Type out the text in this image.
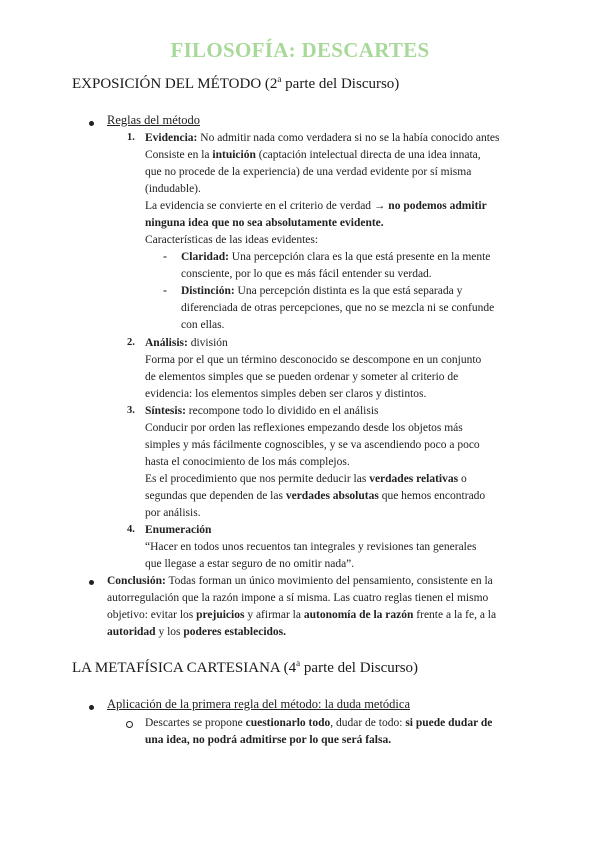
FILOSOFÍA: DESCARTES
EXPOSICIÓN DEL MÉTODO (2$^a$ parte del Discurso)
Reglas del método
1. Evidencia: No admitir nada como verdadera si no se la había conocido antes
Consiste en la intuición (captación intelectual directa de una idea innata,
que no procede de la experiencia) de una verdad evidente por sí misma
(indudable).
La evidencia se convierte en el criterio de verdad → no podemos admitir
ninguna idea que no sea absolutamente evidente.
Características de las ideas evidentes:
- Claridad: Una percepción clara es la que está presente en la mente
consciente, por lo que es más fácil entender su verdad.
- Distinción: Una percepción distinta es la que está separada y
diferenciada de otras percepciones, que no se mezcla ni se confunde
con ellas.
2. Análisis: división
Forma por el que un término desconocido se descompone en un conjunto
de elementos simples que se pueden ordenar y someter al criterio de
evidencia: los elementos simples deben ser claros y distintos.
3. Síntesis: recompone todo lo dividido en el análisis
Conducir por orden las reflexiones empezando desde los objetos más
simples y más fácilmente cognoscibles, y se va ascendiendo poco a poco
hasta el conocimiento de los más complejos.
Es el procedimiento que nos permite deducir las verdades relativas o
segundas que dependen de las verdades absolutas que hemos encontrado
por análisis.
4. Enumeración
“Hacer en todos unos recuentos tan integrales y revisiones tan generales
que llegase a estar seguro de no omitir nada”.
Conclusión: Todas forman un único movimiento del pensamiento, consistente en la
autorregulación que la razón impone a sí misma. Las cuatro reglas tienen el mismo
objetivo: evitar los prejuicios y afirmar la autonomía de la razón frente a la fe, a la
autoridad y los poderes establecidos.
LA METAFÍSICA CARTESIANA (4$^a$ parte del Discurso)
Aplicación de la primera regla del método: la duda metódica
Descartes se propone cuestionarlo todo, dudar de todo: si puede dudar de
una idea, no podrá admitirse por lo que será falsa.
